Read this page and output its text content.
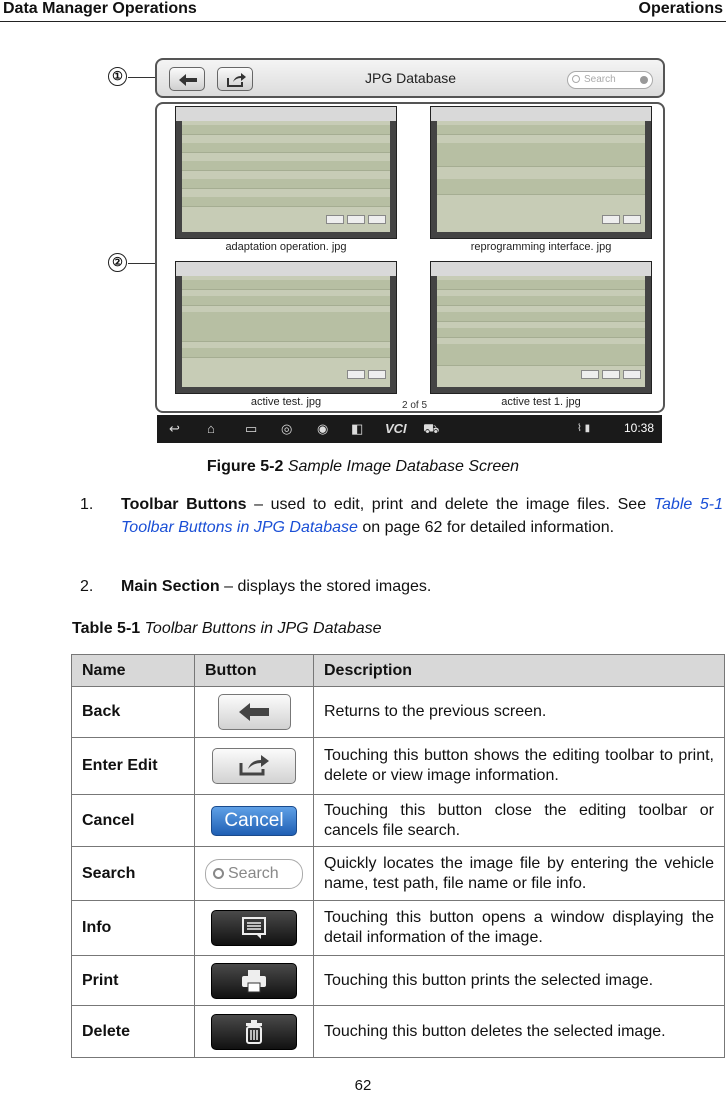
Data Manager Operations	Operations
①
②
JPG Database	Search
adaptation operation. jpg	reprogramming interface. jpg
active test. jpg	active test 1. jpg
2 of 5
↩ ⌂ ▭ ◎ ◉ ◧ VCI ⛟	⌇ ▮	10:38
Figure 5-2 Sample Image Database Screen
1. Toolbar Buttons – used to edit, print and delete the image files. See Table 5-1 Toolbar Buttons in JPG Database on page 62 for detailed information.
2. Main Section – displays the stored images.
Table 5-1 Toolbar Buttons in JPG Database
Name	Button	Description
Back		Returns to the previous screen.
Enter Edit		Touching this button shows the editing toolbar to print, delete or view image information.
Cancel	Cancel	Touching this button close the editing toolbar or cancels file search.
Search	Search	Quickly locates the image file by entering the vehicle name, test path, file name or file info.
Info		Touching this button opens a window displaying the detail information of the image.
Print		Touching this button prints the selected image.
Delete		Touching this button deletes the selected image.
62
